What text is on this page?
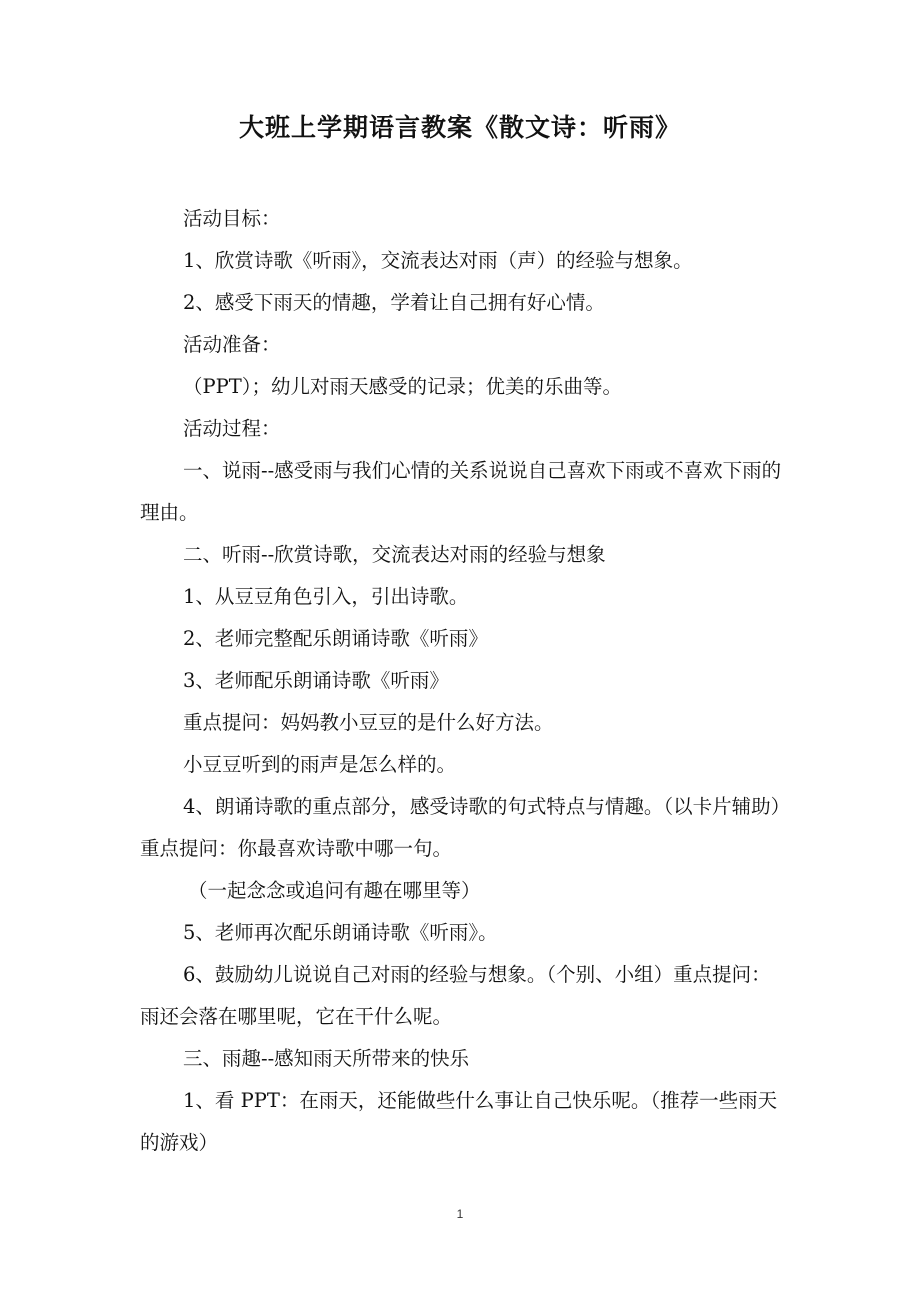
大班上学期语言教案《散文诗：听雨》

活动目标：

1、欣赏诗歌《听雨》，交流表达对雨（声）的经验与想象。

2、感受下雨天的情趣，学着让自己拥有好心情。

活动准备：

（PPT）；幼儿对雨天感受的记录；优美的乐曲等。

活动过程：

一、说雨--感受雨与我们心情的关系说说自己喜欢下雨或不喜欢下雨的理由。

二、听雨--欣赏诗歌，交流表达对雨的经验与想象

1、从豆豆角色引入，引出诗歌。

2、老师完整配乐朗诵诗歌《听雨》

3、老师配乐朗诵诗歌《听雨》

重点提问：妈妈教小豆豆的是什么好方法。

小豆豆听到的雨声是怎么样的。

4、朗诵诗歌的重点部分，感受诗歌的句式特点与情趣。（以卡片辅助）重点提问：你最喜欢诗歌中哪一句。

（一起念念或追问有趣在哪里等）

5、老师再次配乐朗诵诗歌《听雨》。

6、鼓励幼儿说说自己对雨的经验与想象。（个别、小组）重点提问：雨还会落在哪里呢，它在干什么呢。

三、雨趣--感知雨天所带来的快乐

1、看 PPT：在雨天，还能做些什么事让自己快乐呢。（推荐一些雨天的游戏）

1
